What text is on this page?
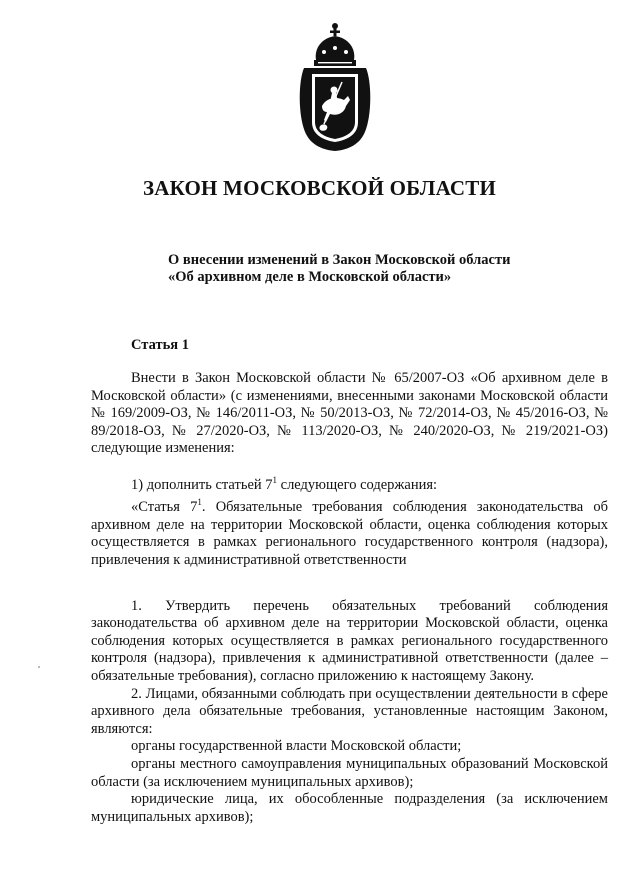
ЗАКОН МОСКОВСКОЙ ОБЛАСТИ
О внесении изменений в Закон Московской области
«Об архивном деле в Московской области»
Статья 1

Внести в Закон Московской области № 65/2007-ОЗ «Об архивном деле в Московской области» (с изменениями, внесенными законами Московской области № 169/2009-ОЗ, № 146/2011-ОЗ, № 50/2013-ОЗ, № 72/2014-ОЗ, № 45/2016-ОЗ, № 89/2018-ОЗ, № 27/2020-ОЗ, № 113/2020-ОЗ, № 240/2020-ОЗ, № 219/2021-ОЗ) следующие изменения:

1) дополнить статьей $7^1$ следующего содержания:

«Статья $7^1$. Обязательные требования соблюдения законодательства об архивном деле на территории Московской области, оценка соблюдения которых осуществляется в рамках регионального государственного контроля (надзора), привлечения к административной ответственности

1. Утвердить перечень обязательных требований соблюдения законодательства об архивном деле на территории Московской области, оценка соблюдения которых осуществляется в рамках регионального государственного контроля (надзора), привлечения к административной ответственности (далее – обязательные требования), согласно приложению к настоящему Закону.

2. Лицами, обязанными соблюдать при осуществлении деятельности в сфере архивного дела обязательные требования, установленные настоящим Законом, являются:

органы государственной власти Московской области;

органы местного самоуправления муниципальных образований Московской области (за исключением муниципальных архивов);

юридические лица, их обособленные подразделения (за исключением муниципальных архивов);
